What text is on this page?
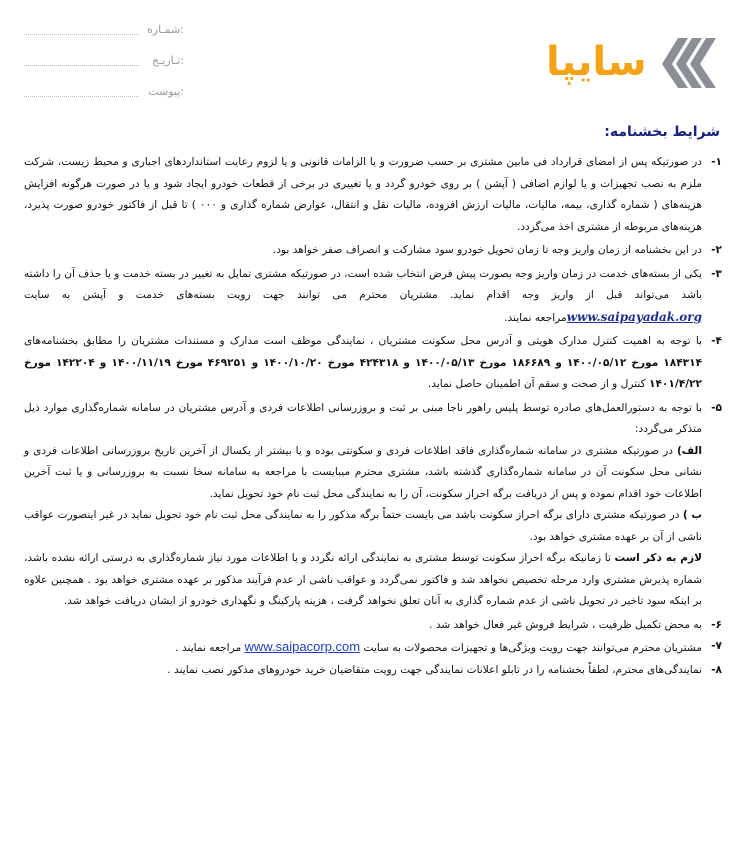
شمـاره:
تـاریـخ:
پیوست:
سایپا
شرایط بخشنامه:
۱-

در صورتیکه پس از امضای قرارداد فی مابین مشتری بر حسب ضرورت و یا الزامات قانونی و یا لزوم رعایت استانداردهای اجباری و محیط زیست، شرکت ملزم به نصب تجهیزات و یا لوازم اضافی ( آپشن ) بر روی خودرو گردد و یا تغییری در برخی از قطعات خودرو ایجاد شود و یا در صورت هرگونه افزایش هزینه‌های ( شماره گذاری، بیمه، مالیات، مالیات ارزش افزوده، مالیات نقل و انتقال، عوارض شماره گذاری و ۰۰۰ ) تا قبل از فاکتور خودرو صورت پذیرد، هزینه‌های مربوطه از مشتری اخذ می‌گردد.

۲-

در این بخشنامه از زمان واریز وجه تا زمان تحویل خودرو سود مشارکت و انصراف صفر خواهد بود.

۳-

یکی از بسته‌های خدمت در زمان واریز وجه بصورت پیش فرض انتخاب شده است، در صورتیکه مشتری تمایل به تغییر در بسته خدمت و یا حذف آن را داشته باشد می‌تواند قبل از واریز وجه اقدام نماید. مشتریان محترم می توانند جهت رویت بسته‌های خدمت و آپشن به سایت www.saipayadak.orgمراجعه نمایند.

۴-

با توجه به اهمیت کنترل مدارک هویتی و آدرس محل سکونت مشتریان ، نمایندگی موظف است مدارک و مستندات مشتریان را مطابق بخشنامه‌های ۱۸۴۳۱۴ مورخ ۱۴۰۰/۰۵/۱۲ و ۱۸۶۶۸۹ مورخ ۱۴۰۰/۰۵/۱۳ و ۴۲۴۳۱۸ مورخ ۱۴۰۰/۱۰/۲۰ و ۴۶۹۲۵۱ مورخ ۱۴۰۰/۱۱/۱۹ و ۱۴۲۲۰۴ مورخ ۱۴۰۱/۴/۲۲ کنترل و از صحت و سقم آن اطمینان حاصل نماید.

۵-

با توجه به دستورالعمل‌های صادره توسط پلیس راهور ناجا مبنی بر ثبت و بروزرسانی اطلاعات فردی و آدرس مشتریان در سامانه شماره‌گذاری موارد ذیل متذکر می‌گردد:

الف) در صورتیکه مشتری در سامانه شماره‌گذاری فاقد اطلاعات فردی و سکونتی بوده و یا بیشتر از یکسال از آخرین تاریخ بروزرسانی اطلاعات فردی و نشانی محل سکونت آن در سامانه شماره‌گذاری گذشته باشد، مشتری محترم میبایست با مراجعه به سامانه سخا نسبت به بروزرسانی و یا ثبت آخرین اطلاعات خود اقدام نموده و پس از دریافت برگه احراز سکونت، آن را به نمایندگی محل ثبت نام خود تحویل نماید.

ب ) در صورتیکه مشتری دارای برگه احراز سکونت باشد می بایست حتماً برگه مذکور را به نمایندگی محل ثبت نام خود تحویل نماید در غیر اینصورت عواقب ناشی از آن بر عهده مشتری خواهد بود.

لازم به ذکر است تا زمانیکه برگه احراز سکونت توسط مشتری به نمایندگی ارائه نگردد و یا اطلاعات مورد نیاز شماره‌گذاری به درستی ارائه نشده باشد، شماره پذیرش مشتری وارد مرحله تخصیص نخواهد شد و فاکتور نمی‌گردد و عواقب ناشی از عدم فرآیند مذکور بر عهده مشتری خواهد بود . همچنین علاوه بر اینکه سود تاخیر در تحویل ناشی از عدم شماره گذاری به آنان تعلق نخواهد گرفت ، هزینه پارکینگ و نگهداری خودرو از ایشان دریافت خواهد شد.

۶-

به محض تکمیل ظرفیت ، شرایط فروش غیر فعال خواهد شد .

۷-

مشتریان محترم می‌توانند جهت رویت ویژگی‌ها و تجهیزات محصولات به سایت www.saipacorp.com مراجعه نمایند .

۸-

نمایندگی‌های محترم، لطفاً بخشنامه را در تابلو اعلانات نمایندگی جهت رویت متقاضیان خرید خودروهای مذکور نصب نمایند .
